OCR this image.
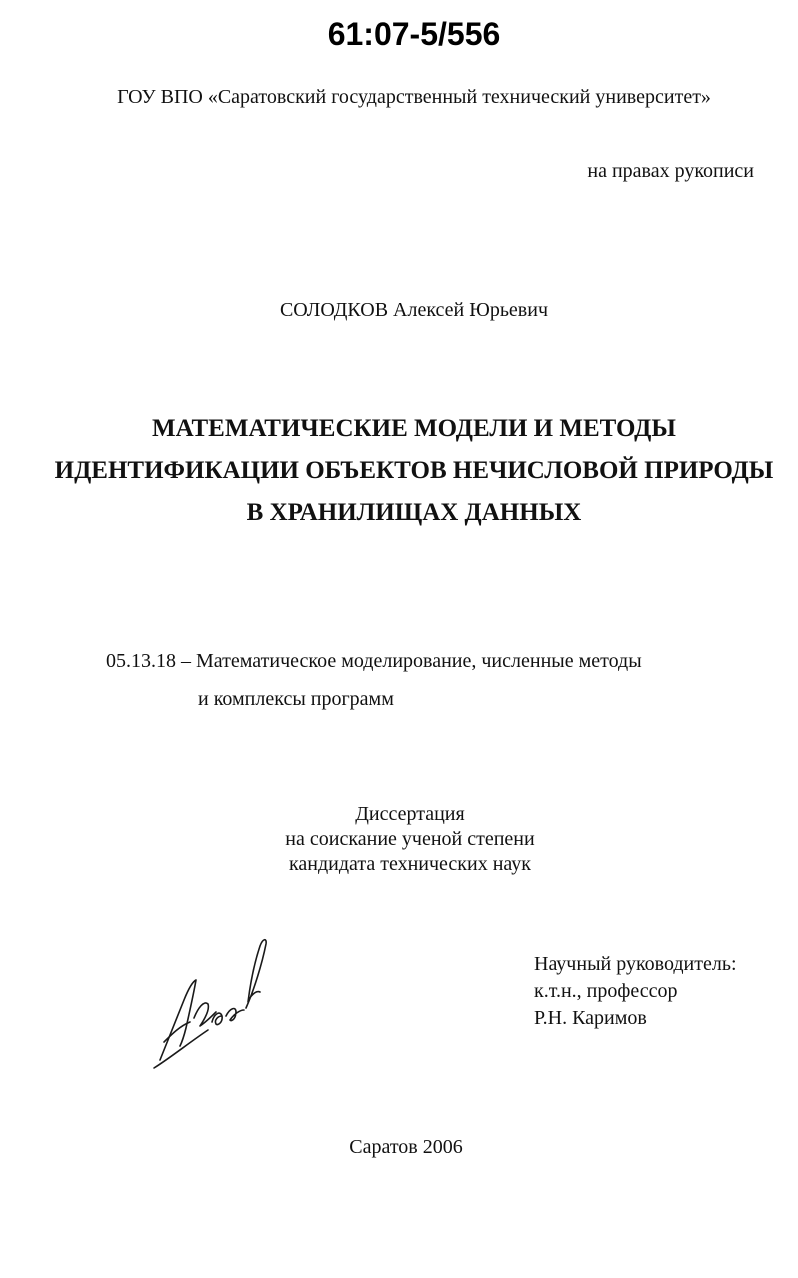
61:07-5/556
ГОУ ВПО «Саратовский государственный технический университет»
на правах рукописи
СОЛОДКОВ Алексей Юрьевич
МАТЕМАТИЧЕСКИЕ МОДЕЛИ И МЕТОДЫ
ИДЕНТИФИКАЦИИ ОБЪЕКТОВ НЕЧИСЛОВОЙ ПРИРОДЫ
В ХРАНИЛИЩАХ ДАННЫХ
05.13.18 – Математическое моделирование, численные методы
и комплексы программ
Диссертация
на соискание ученой степени
кандидата технических наук
Научный руководитель:
к.т.н., профессор
Р.Н. Каримов
Саратов 2006
